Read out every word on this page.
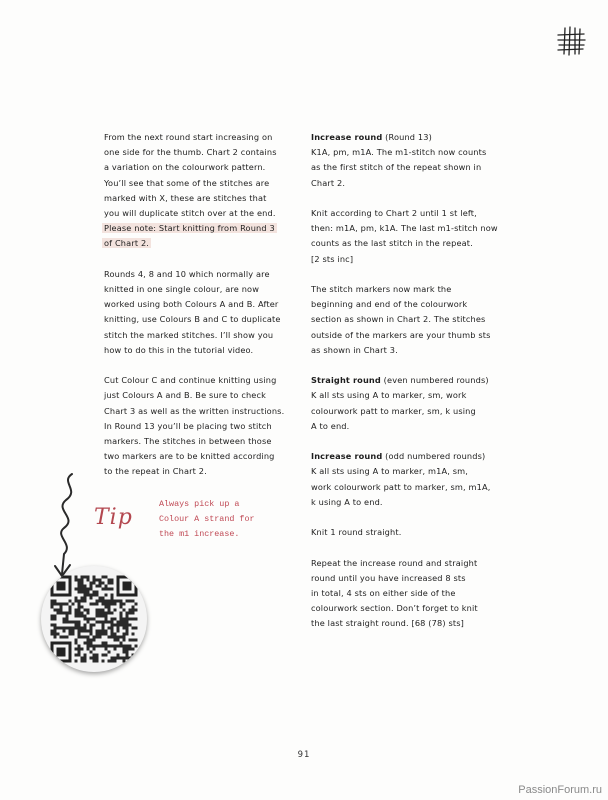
From the next round start increasing on
one side for the thumb. Chart 2 contains
a variation on the colourwork pattern.
You’ll see that some of the stitches are
marked with X, these are stitches that
you will duplicate stitch over at the end.
Please note: Start knitting from Round 3
of Chart 2.
Rounds 4, 8 and 10 which normally are
knitted in one single colour, are now
worked using both Colours A and B. After
knitting, use Colours B and C to duplicate
stitch the marked stitches. I’ll show you
how to do this in the tutorial video.
Cut Colour C and continue knitting using
just Colours A and B. Be sure to check
Chart 3 as well as the written instructions.
In Round 13 you’ll be placing two stitch
markers. The stitches in between those
two markers are to be knitted according
to the repeat in Chart 2.
Increase round (Round 13)
K1A, pm, m1A. The m1-stitch now counts
as the first stitch of the repeat shown in
Chart 2.
Knit according to Chart 2 until 1 st left,
then: m1A, pm, k1A. The last m1-stitch now
counts as the last stitch in the repeat.
[2 sts inc]
The stitch markers now mark the
beginning and end of the colourwork
section as shown in Chart 2. The stitches
outside of the markers are your thumb sts
as shown in Chart 3.
Straight round (even numbered rounds)
K all sts using A to marker, sm, work
colourwork patt to marker, sm, k using
A to end.
Increase round (odd numbered rounds)
K all sts using A to marker, m1A, sm,
work colourwork patt to marker, sm, m1A,
k using A to end.
Knit 1 round straight.
Repeat the increase round and straight
round until you have increased 8 sts
in total, 4 sts on either side of the
colourwork section. Don’t forget to knit
the last straight round. [68 (78) sts]
Tip
Always pick up a
Colour A strand for
the m1 increase.
91
PassionForum.ru
